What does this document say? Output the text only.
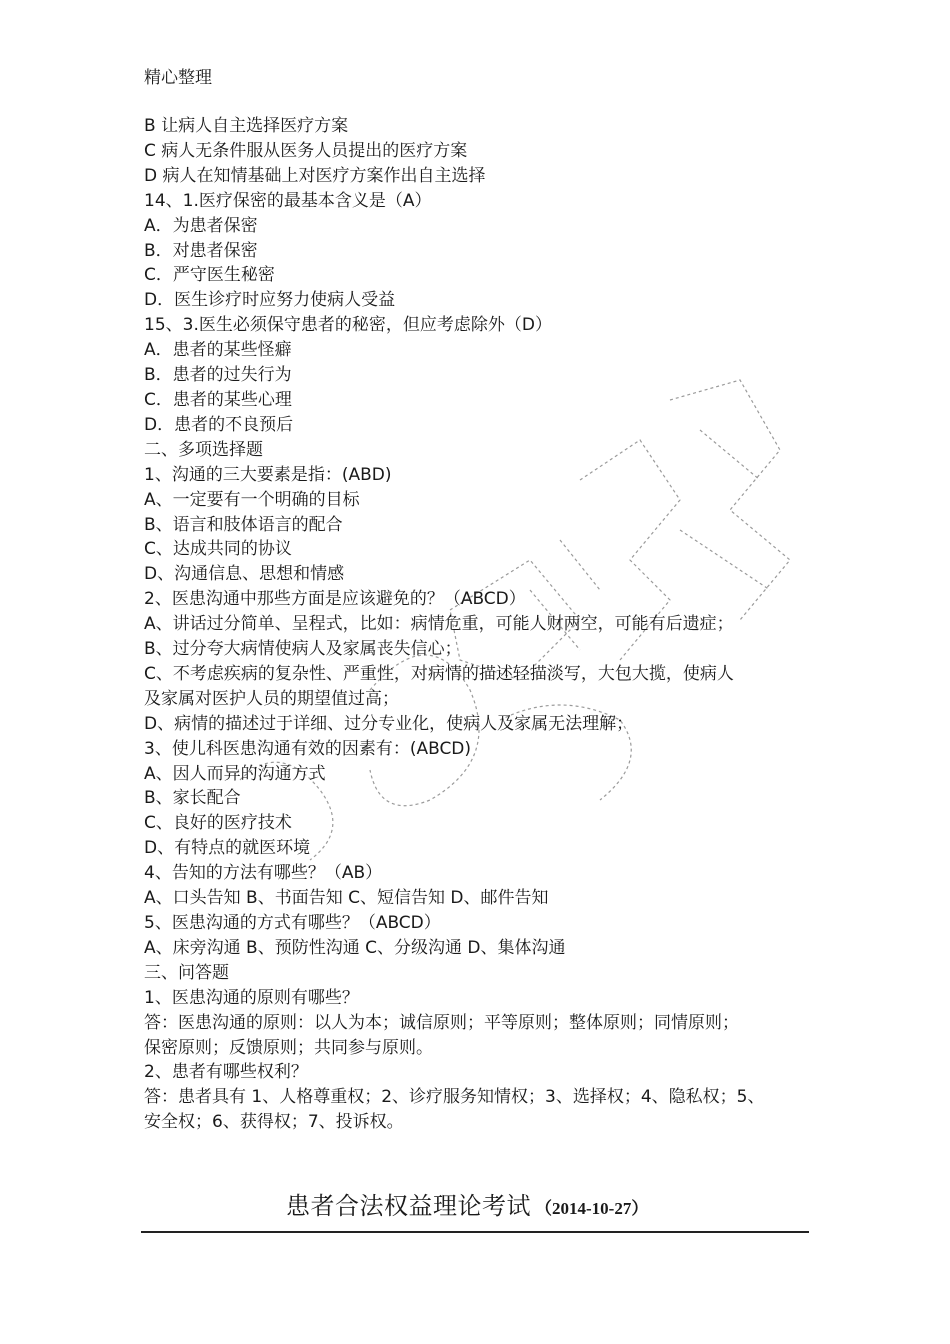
精心整理
B 让病人自主选择医疗方案
C 病人无条件服从医务人员提出的医疗方案
D 病人在知情基础上对医疗方案作出自主选择
14、1.医疗保密的最基本含义是（A）
A．为患者保密
B．对患者保密
C．严守医生秘密
D．医生诊疗时应努力使病人受益
15、3.医生必须保守患者的秘密，但应考虑除外（D）
A．患者的某些怪癖
B．患者的过失行为
C．患者的某些心理
D．患者的不良预后
二、多项选择题
1、沟通的三大要素是指：(ABD)
A、一定要有一个明确的目标
B、语言和肢体语言的配合
C、达成共同的协议
D、沟通信息、思想和情感
2、医患沟通中那些方面是应该避免的？（ABCD）
A、讲话过分简单、呈程式，比如：病情危重，可能人财两空，可能有后遗症；
B、过分夸大病情使病人及家属丧失信心；
C、不考虑疾病的复杂性、严重性，对病情的描述轻描淡写，大包大揽，使病人
及家属对医护人员的期望值过高；
D、病情的描述过于详细、过分专业化，使病人及家属无法理解；
3、使儿科医患沟通有效的因素有：(ABCD)
A、因人而异的沟通方式
B、家长配合
C、良好的医疗技术
D、有特点的就医环境
4、告知的方法有哪些？（AB）
A、口头告知 B、书面告知 C、短信告知 D、邮件告知
5、医患沟通的方式有哪些？（ABCD）
A、床旁沟通 B、预防性沟通 C、分级沟通 D、集体沟通
三、问答题
1、医患沟通的原则有哪些？
答：医患沟通的原则：以人为本；诚信原则；平等原则；整体原则；同情原则；
保密原则；反馈原则；共同参与原则。
2、患者有哪些权利？
答：患者具有 1、人格尊重权；2、诊疗服务知情权；3、选择权；4、隐私权；5、
安全权；6、获得权；7、投诉权。
患者合法权益理论考试 （2014-10-27）
